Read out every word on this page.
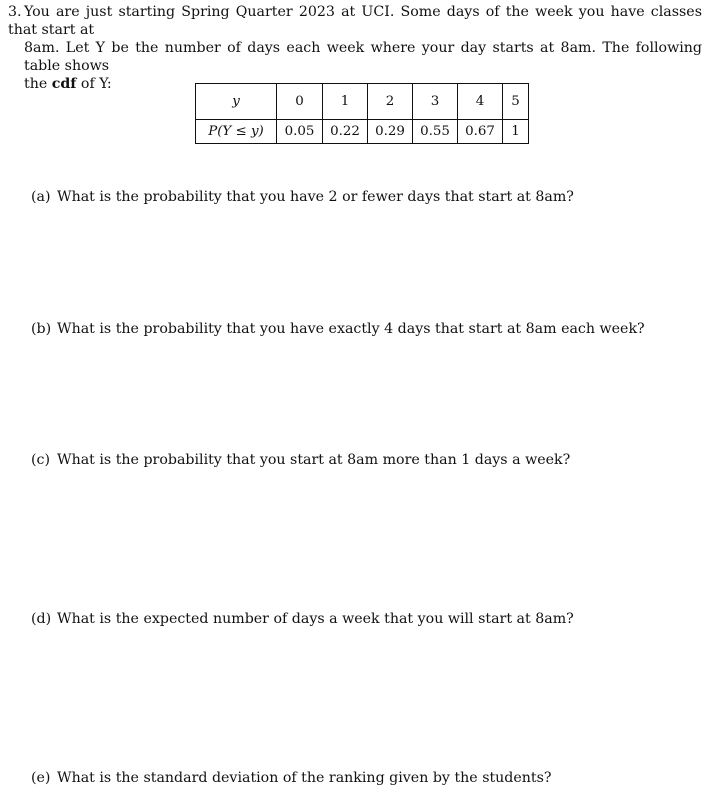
3. You are just starting Spring Quarter 2023 at UCI. Some days of the week you have classes that start at
8am. Let Y be the number of days each week where your day starts at 8am. The following table shows
the cdf of Y:
y	0	1	2	3	4	5
P(Y ≤ y)	0.05	0.22	0.29	0.55	0.67	1
(a) What is the probability that you have 2 or fewer days that start at 8am?
(b) What is the probability that you have exactly 4 days that start at 8am each week?
(c) What is the probability that you start at 8am more than 1 days a week?
(d) What is the expected number of days a week that you will start at 8am?
(e) What is the standard deviation of the ranking given by the students?
